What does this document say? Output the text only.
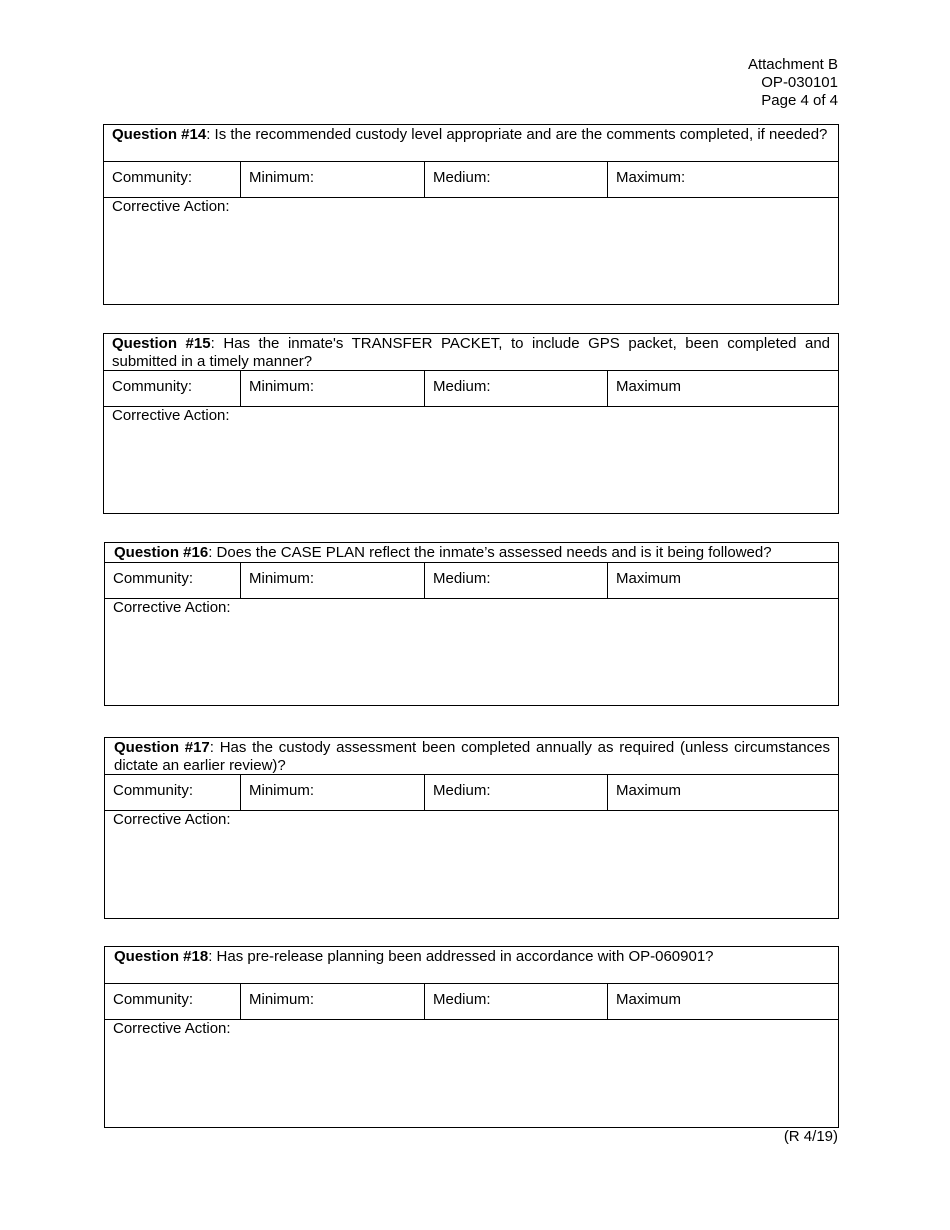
Attachment B
OP-030101
Page 4 of 4
Question #14: Is the recommended custody level appropriate and are the comments completed, if needed?
Community:	Minimum:	Medium:	Maximum:
Corrective Action:
Question #15: Has the inmate's TRANSFER PACKET, to include GPS packet, been completed and submitted in a timely manner?
Community:	Minimum:	Medium:	Maximum
Corrective Action:
Question #16: Does the CASE PLAN reflect the inmate’s assessed needs and is it being followed?
Community:	Minimum:	Medium:	Maximum
Corrective Action:
Question #17: Has the custody assessment been completed annually as required (unless circumstances dictate an earlier review)?
Community:	Minimum:	Medium:	Maximum
Corrective Action:
Question #18: Has pre-release planning been addressed in accordance with OP-060901?
Community:	Minimum:	Medium:	Maximum
Corrective Action:
(R 4/19)
